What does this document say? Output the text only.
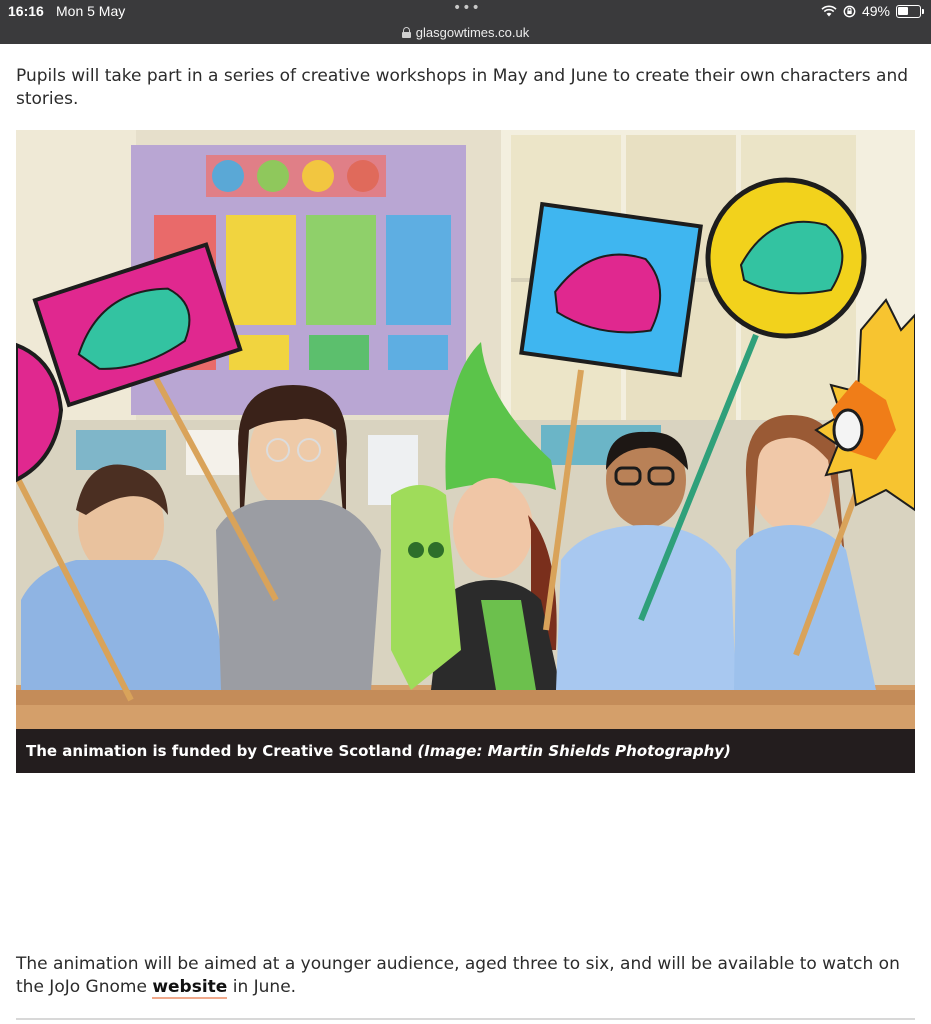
16:16 Mon 5 May	•••	49%
glasgowtimes.co.uk

Pupils will take part in a series of creative workshops in May and June to create their own characters and stories.

The animation is funded by Creative Scotland (Image: Martin Shields Photography)

The animation will be aimed at a younger audience, aged three to six, and will be available to watch on the JoJo Gnome website in June.
